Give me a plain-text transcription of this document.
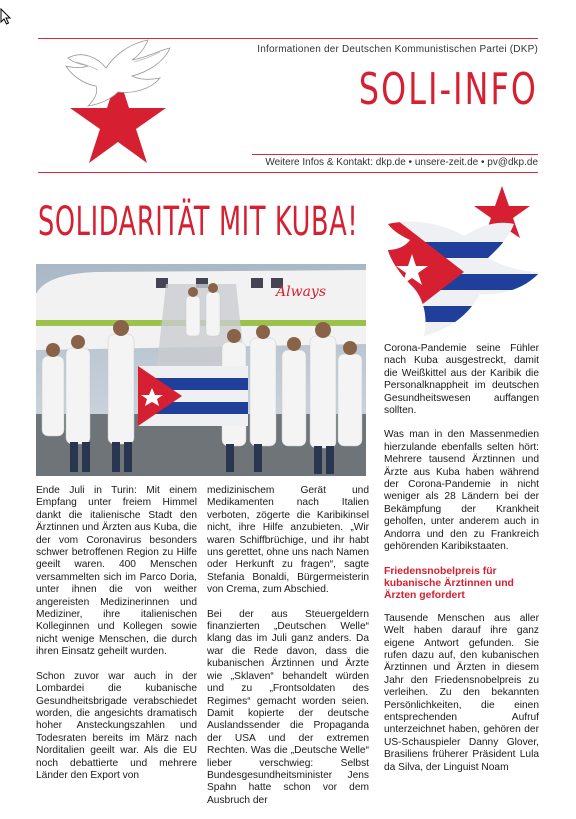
Informationen der Deutschen Kommunistischen Partei (DKP)
SOLI-INFO
Weitere Infos & Kontakt: dkp.de • unsere-zeit.de • pv@dkp.de
SOLIDARITÄT MIT KUBA!
Always

Ende Juli in Turin: Mit einem Empfang unter freiem Himmel dankt die italienische Stadt den Ärztinnen und Ärzten aus Kuba, die der vom Coronavirus besonders schwer betroffenen Region zu Hilfe geeilt waren. 400 Menschen versammelten sich im Parco Doria, unter ihnen die von weither angereisten Medizinerinnen und Mediziner, ihre italienischen Kolleginnen und Kollegen sowie nicht wenige Menschen, die durch ihren Einsatz geheilt wurden.

Schon zuvor war auch in der Lombardei die kubanische Gesundheitsbrigade verabschiedet worden, die angesichts dramatisch hoher Ansteckungszahlen und Todesraten bereits im März nach Norditalien geeilt war. Als die EU noch debattierte und mehrere Länder den Export von

medizinischem Gerät und Medikamenten nach Italien verboten, zögerte die Karibikinsel nicht, ihre Hilfe anzubieten. „Wir waren Schiffbrüchige, und ihr habt uns gerettet, ohne uns nach Namen oder Herkunft zu fragen“, sagte Stefania Bonaldi, Bürgermeisterin von Crema, zum Abschied.

Bei der aus Steuergeldern finanzierten „Deutschen Welle“ klang das im Juli ganz anders. Da war die Rede davon, dass die kubanischen Ärztinnen und Ärzte wie „Sklaven“ behandelt würden und zu „Frontsoldaten des Regimes“ gemacht worden seien. Damit kopierte der deutsche Auslandssender die Propaganda der USA und der extremen Rechten. Was die „Deutsche Welle“ lieber verschwieg: Selbst Bundesgesundheitsminister Jens Spahn hatte schon vor dem Ausbruch der

Corona-Pandemie seine Fühler nach Kuba ausgestreckt, damit die Weißkittel aus der Karibik die Personalknappheit im deutschen Gesundheitswesen auffangen sollten.

Was man in den Massenmedien hierzulande ebenfalls selten hört: Mehrere tausend Ärztinnen und Ärzte aus Kuba haben während der Corona-Pandemie in nicht weniger als 28 Ländern bei der Bekämpfung der Krankheit geholfen, unter anderem auch in Andorra und den zu Frankreich gehörenden Karibikstaaten.

Friedensnobelpreis für kubanische Ärztinnen und Ärzten gefordert

Tausende Menschen aus aller Welt haben darauf ihre ganz eigene Antwort gefunden. Sie rufen dazu auf, den kubanischen Ärztinnen und Ärzten in diesem Jahr den Friedensnobelpreis zu verleihen. Zu den bekannten Persönlichkeiten, die einen entsprechenden Aufruf unterzeichnet haben, gehören der US-Schauspieler Danny Glover, Brasiliens früherer Präsident Lula da Silva, der Linguist Noam
